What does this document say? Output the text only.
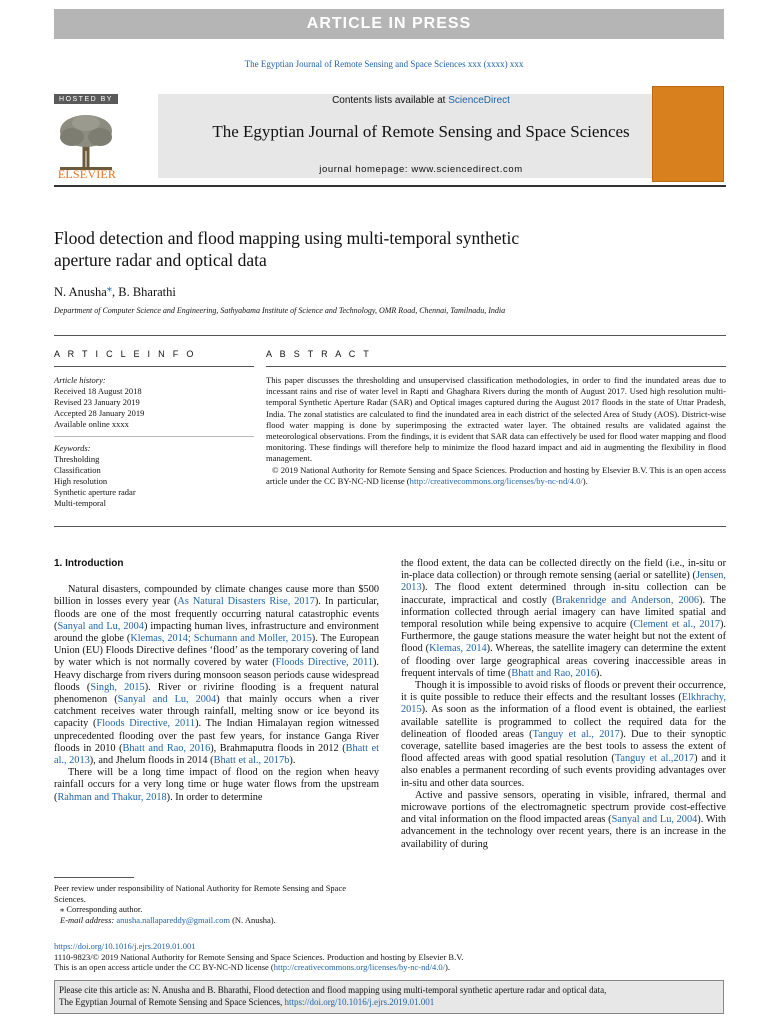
ARTICLE IN PRESS
The Egyptian Journal of Remote Sensing and Space Sciences xxx (xxxx) xxx
HOSTED BY
ELSEVIER
Contents lists available at ScienceDirect
The Egyptian Journal of Remote Sensing and Space Sciences
journal homepage: www.sciencedirect.com
Flood detection and flood mapping using multi-temporal synthetic
aperture radar and optical data
N. Anusha⁎, B. Bharathi
Department of Computer Science and Engineering, Sathyabama Institute of Science and Technology, OMR Road, Chennai, Tamilnadu, India
A R T I C L E I N F O
Article history:
Received 18 August 2018
Revised 23 January 2019
Accepted 28 January 2019
Available online xxxx
Keywords:
Thresholding
Classification
High resolution
Synthetic aperture radar
Multi-temporal
A B S T R A C T
This paper discusses the thresholding and unsupervised classification methodologies, in order to find the inundated areas due to incessant rains and rise of water level in Rapti and Ghaghara Rivers during the month of August 2017. Used high resolution multi-temporal Synthetic Aperture Radar (SAR) and Optical images captured during the August 2017 floods in the state of Uttar Pradesh, India. The zonal statistics are calculated to find the inundated area in each district of the selected Area of Study (AOS). District-wise flood water mapping is done by superimposing the extracted water layer. The obtained results are validated against the meteorological observations. From the findings, it is evident that SAR data can effectively be used for flood water mapping and flood monitoring. These findings will therefore help to minimize the flood hazard impact and aid in augmenting the flexibility in flood management.
© 2019 National Authority for Remote Sensing and Space Sciences. Production and hosting by Elsevier B.V. This is an open access article under the CC BY-NC-ND license (http://creativecommons.org/licenses/by-nc-nd/4.0/).
1. Introduction

Natural disasters, compounded by climate changes cause more than $500 billion in losses every year (As Natural Disasters Rise, 2017). In particular, floods are one of the most frequently occurring natural catastrophic events (Sanyal and Lu, 2004) impacting human lives, infrastructure and environment around the globe (Klemas, 2014; Schumann and Moller, 2015). The European Union (EU) Floods Directive defines ‘flood’ as the temporary covering of land by water which is not normally covered by water (Floods Directive, 2011). Heavy discharge from rivers during monsoon season periods cause widespread floods (Singh, 2015). River or rivirine flooding is a frequent natural phenomenon (Sanyal and Lu, 2004) that mainly occurs when a river catchment receives water through rainfall, melting snow or ice beyond its capacity (Floods Directive, 2011). The Indian Himalayan region witnessed unprecedented flooding over the past few years, for instance Ganga River floods in 2010 (Bhatt and Rao, 2016), Brahmaputra floods in 2012 (Bhatt et al., 2013), and Jhelum floods in 2014 (Bhatt et al., 2017b).

There will be a long time impact of flood on the region when heavy rainfall occurs for a very long time or huge water flows from the upstream (Rahman and Thakur, 2018). In order to determine

the flood extent, the data can be collected directly on the field (i.e., in-situ or in-place data collection) or through remote sensing (aerial or satellite) (Jensen, 2013). The flood extent determined through in-situ collection can be inaccurate, impractical and costly (Brakenridge and Anderson, 2006). The information collected through aerial imagery can have limited spatial and temporal resolution while being expensive to acquire (Clement et al., 2017). Furthermore, the gauge stations measure the water height but not the extent of flood (Klemas, 2014). Whereas, the satellite imagery can determine the extent of flooding over large geographical areas covering inaccessible areas in frequent intervals of time (Bhatt and Rao, 2016).

Though it is impossible to avoid risks of floods or prevent their occurrence, it is quite possible to reduce their effects and the resultant losses (Elkhrachy, 2015). As soon as the information of a flood event is obtained, the earliest available satellite is programmed to collect the required data for the delineation of flooded areas (Tanguy et al., 2017). Due to their synoptic coverage, satellite based imageries are the best tools to assess the extent of flood affected areas with good spatial resolution (Tanguy et al.,2017) and it also enables a permanent recording of such events providing advantages over in-situ and other data sources.

Active and passive sensors, operating in visible, infrared, thermal and microwave portions of the electromagnetic spectrum provide cost-effective and vital information on the flood impacted areas (Sanyal and Lu, 2004). With advancement in the technology over recent years, there is an increase in the availability of during

Peer review under responsibility of National Authority for Remote Sensing and Space Sciences.
⁎ Corresponding author.
E-mail address: anusha.nallapareddy@gmail.com (N. Anusha).
https://doi.org/10.1016/j.ejrs.2019.01.001
1110-9823/© 2019 National Authority for Remote Sensing and Space Sciences. Production and hosting by Elsevier B.V.
This is an open access article under the CC BY-NC-ND license (http://creativecommons.org/licenses/by-nc-nd/4.0/).
Please cite this article as: N. Anusha and B. Bharathi, Flood detection and flood mapping using multi-temporal synthetic aperture radar and optical data,
The Egyptian Journal of Remote Sensing and Space Sciences, https://doi.org/10.1016/j.ejrs.2019.01.001
